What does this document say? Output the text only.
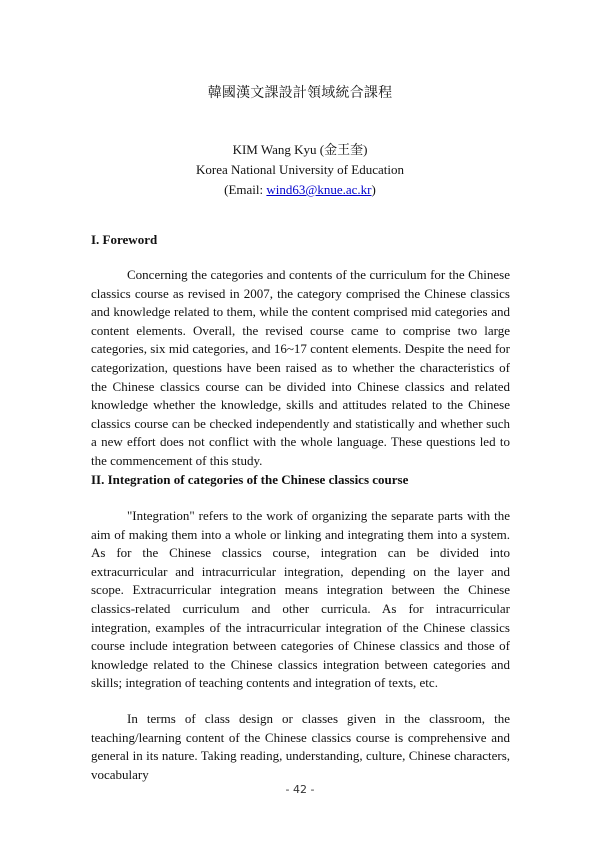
韓國漢文課設計領域統合課程
KIM Wang Kyu (金王奎)
Korea National University of Education
(Email: wind63@knue.ac.kr)
I. Foreword
Concerning the categories and contents of the curriculum for the Chinese classics course as revised in 2007, the category comprised the Chinese classics and knowledge related to them, while the content comprised mid categories and content elements. Overall, the revised course came to comprise two large categories, six mid categories, and 16~17 content elements. Despite the need for categorization, questions have been raised as to whether the characteristics of the Chinese classics course can be divided into Chinese classics and related knowledge whether the knowledge, skills and attitudes related to the Chinese classics course can be checked independently and statistically and whether such a new effort does not conflict with the whole language. These questions led to the commencement of this study.
II. Integration of categories of the Chinese classics course
"Integration" refers to the work of organizing the separate parts with the aim of making them into a whole or linking and integrating them into a system. As for the Chinese classics course, integration can be divided into extracurricular and intracurricular integration, depending on the layer and scope. Extracurricular integration means integration between the Chinese classics-related curriculum and other curricula. As for intracurricular integration, examples of the intracurricular integration of the Chinese classics course include integration between categories of Chinese classics and those of knowledge related to the Chinese classics integration between categories and skills; integration of teaching contents and integration of texts, etc.
In terms of class design or classes given in the classroom, the teaching/learning content of the Chinese classics course is comprehensive and general in its nature. Taking reading, understanding, culture, Chinese characters, vocabulary
- 42 -
